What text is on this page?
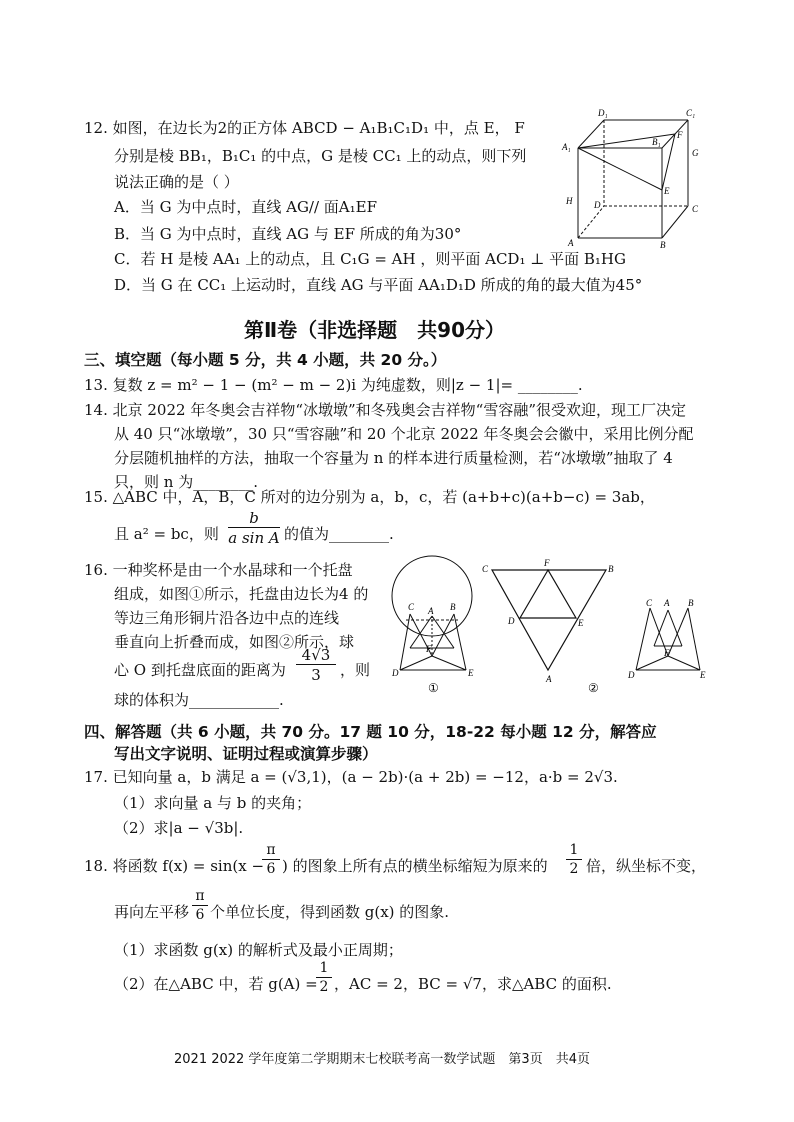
12. 如图，在边长为2的正方体 ABCD − A₁B₁C₁D₁ 中，点 E， F
分别是棱 BB₁，B₁C₁ 的中点，G 是棱 CC₁ 上的动点，则下列
说法正确的是（ ）
A．当 G 为中点时，直线 AG// 面A₁EF
B．当 G 为中点时，直线 AG 与 EF 所成的角为30°
C．若 H 是棱 AA₁ 上的动点，且 C₁G = AH ，则平面 ACD₁ ⊥ 平面 B₁HG
D．当 G 在 CC₁ 上运动时，直线 AG 与平面 AA₁D₁D 所成的角的最大值为45°
D₁	C₁
A₁	B₁
F
G
E
H D	C
A	B
第Ⅱ卷（非选择题　共90分）
三、填空题（每小题 5 分，共 4 小题，共 20 分。）
13. 复数 z = m² − 1 − (m² − m − 2)i 为纯虚数，则|z − 1|= ________.
14. 北京 2022 年冬奥会吉祥物“冰墩墩”和冬残奥会吉祥物“雪容融”很受欢迎，现工厂决定
从 40 只“冰墩墩”，30 只“雪容融”和 20 个北京 2022 年冬奥会会徽中，采用比例分配
分层随机抽样的方法，抽取一个容量为 n 的样本进行质量检测，若“冰墩墩”抽取了 4
只，则 n 为________.
15. △ABC 中，A，B，C 所对的边分别为 a，b，c，若 (a+b+c)(a+b−c) = 3ab，
且 a² = bc，则 $\frac{b}{\text{a sin A}}$ 的值为________.
16. 一种奖杯是由一个水晶球和一个托盘
组成，如图①所示，托盘由边长为4 的
等边三角形铜片沿各边中点的连线
垂直向上折叠而成，如图②所示，球
心 O 到托盘底面的距离为 $\frac{4√3}{3}$ ，则
球的体积为____________.
C A B
F
D	E
①
C
F
B
D	E
A
②
C A B
F
D	E
四、解答题（共 6 小题，共 70 分。17 题 10 分，18-22 每小题 12 分，解答应
写出文字说明、证明过程或演算步骤）
17. 已知向量 a，b 满足 a = (√3,1)，(a − 2b)·(a + 2b) = −12，a·b = 2√3.
（1）求向量 a 与 b 的夹角；
（2）求|a − √3b|.
18. 将函数 f(x) = sin(x −
$\frac{\pi}{6}$ ) 的图象上所有点的横坐标缩短为原来的 $\frac{1}{2}$ 倍，纵坐标不变，
再向左平移 $\frac{\pi}{6}$ 个单位长度，得到函数 g(x) 的图象.
（1）求函数 g(x) 的解析式及最小正周期；
（2）在△ABC 中，若 g(A) =
$\frac{1}{2}$ ，AC = 2，BC = √7，求△ABC 的面积.
2021 2022 学年度第二学期期末七校联考高一数学试题　第3页　共4页
